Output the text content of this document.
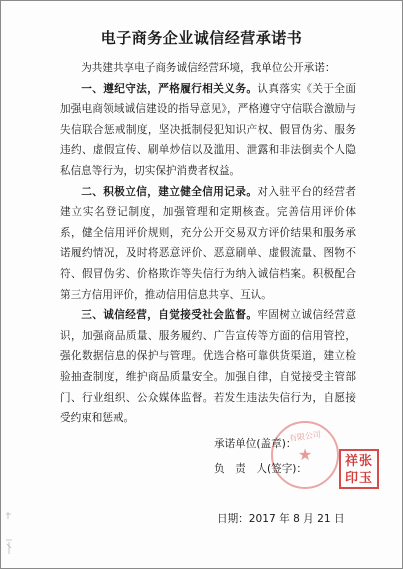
电子商务企业诚信经营承诺书

为共建共享电子商务诚信经营环境，我单位公开承诺：

一、遵纪守法，严格履行相关义务。认真落实《关于全面加强电商领域诚信建设的指导意见》，严格遵守守信联合激励与失信联合惩戒制度，坚决抵制侵犯知识产权、假冒伪劣、服务违约、虚假宣传、刷单炒信以及滥用、泄露和非法倒卖个人隐私信息等行为，切实保护消费者权益。

二、积极立信，建立健全信用记录。对入驻平台的经营者建立实名登记制度，加强管理和定期核查。完善信用评价体系，健全信用评价规则，充分公开交易双方评价结果和服务承诺履约情况，及时将恶意评价、恶意刷单、虚假流量、图物不符、假冒伪劣、价格欺诈等失信行为纳入诚信档案。积极配合第三方信用评价，推动信用信息共享、互认。

三、诚信经营，自觉接受社会监督。牢固树立诚信经营意识，加强商品质量、服务履约、广告宣传等方面的信用管控，强化数据信息的保护与管理。优选合格可靠供货渠道，建立检验抽查制度，维护商品质量安全。加强自律，自觉接受主管部门、行业组织、公众媒体监督。若发生违法失信行为，自愿接受约束和惩戒。

有限公司
★
承诺单位(盖章)：
负　责　人(签字)：
日期：2017 年 8 月 21 日
祥张
印玉
